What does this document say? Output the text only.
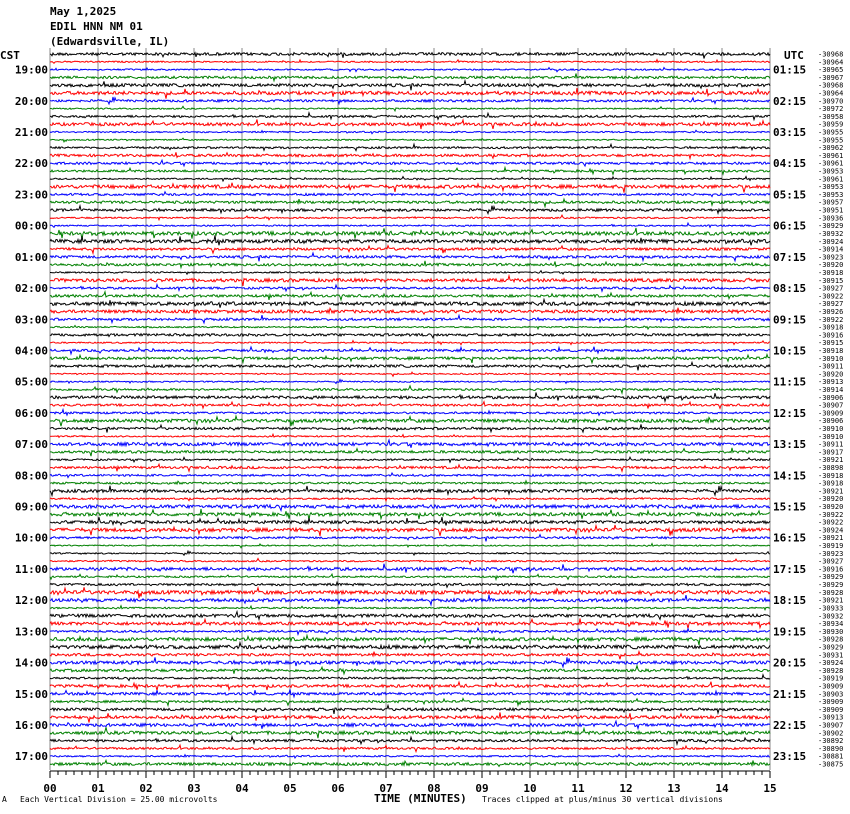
May 1,2025
EDIL HNN NM 01
(Edwardsville, IL)
CST	UTC -30968
-30964
-30965
-30967
-30968
-30964
-30970
-30972
-30958
-30959
-30955
-30955
-30962
-30961
-30961
-30953
-30961
-30953
-30953
-30957
-30951
-30936
-30929
-30932
-30924
-30914
-30923
-30920
-30918
-30915
-30927
-30922
-30927
-30926
-30922
-30918
-30916
-30915
-30918
-30910
-30911
-30920
-30913
-30914
-30906
-30907
-30909
-30906
-30910
-30910
-30911
-30917
-30921
-30898
-30918
-30918
-30921
-30920
-30920
-30922
-30922
-30924
-30921
-30919
-30923
-30927
-30916
-30929
-30929
-30928
-30921
-30933
-30932
-30934
-30930
-30928
-30929
-30931
-30924
-30928
-30919
-30909
-30903
-30909
-30909
-30913
-30907
-30902
-30892
-30890
-30881
-30875
19:00
20:00
21:00
22:00
23:00
00:00
01:00
02:00
03:00
04:00
05:00
06:00
07:00
08:00
09:00
10:00
11:00
12:00
13:00
14:00
15:00
16:00
17:00
01:15
02:15
03:15
04:15
05:15
06:15
07:15
08:15
09:15
10:15
11:15
12:15
13:15
14:15
15:15
16:15
17:15
18:15
19:15
20:15
21:15
22:15
23:15
00	01	02	03	04	05	06	07	08	09	10	11	12	13	14	15
A Each Vertical Division = 25.00 microvolts	TIME (MINUTES) Traces clipped at plus/minus 30 vertical divisions
